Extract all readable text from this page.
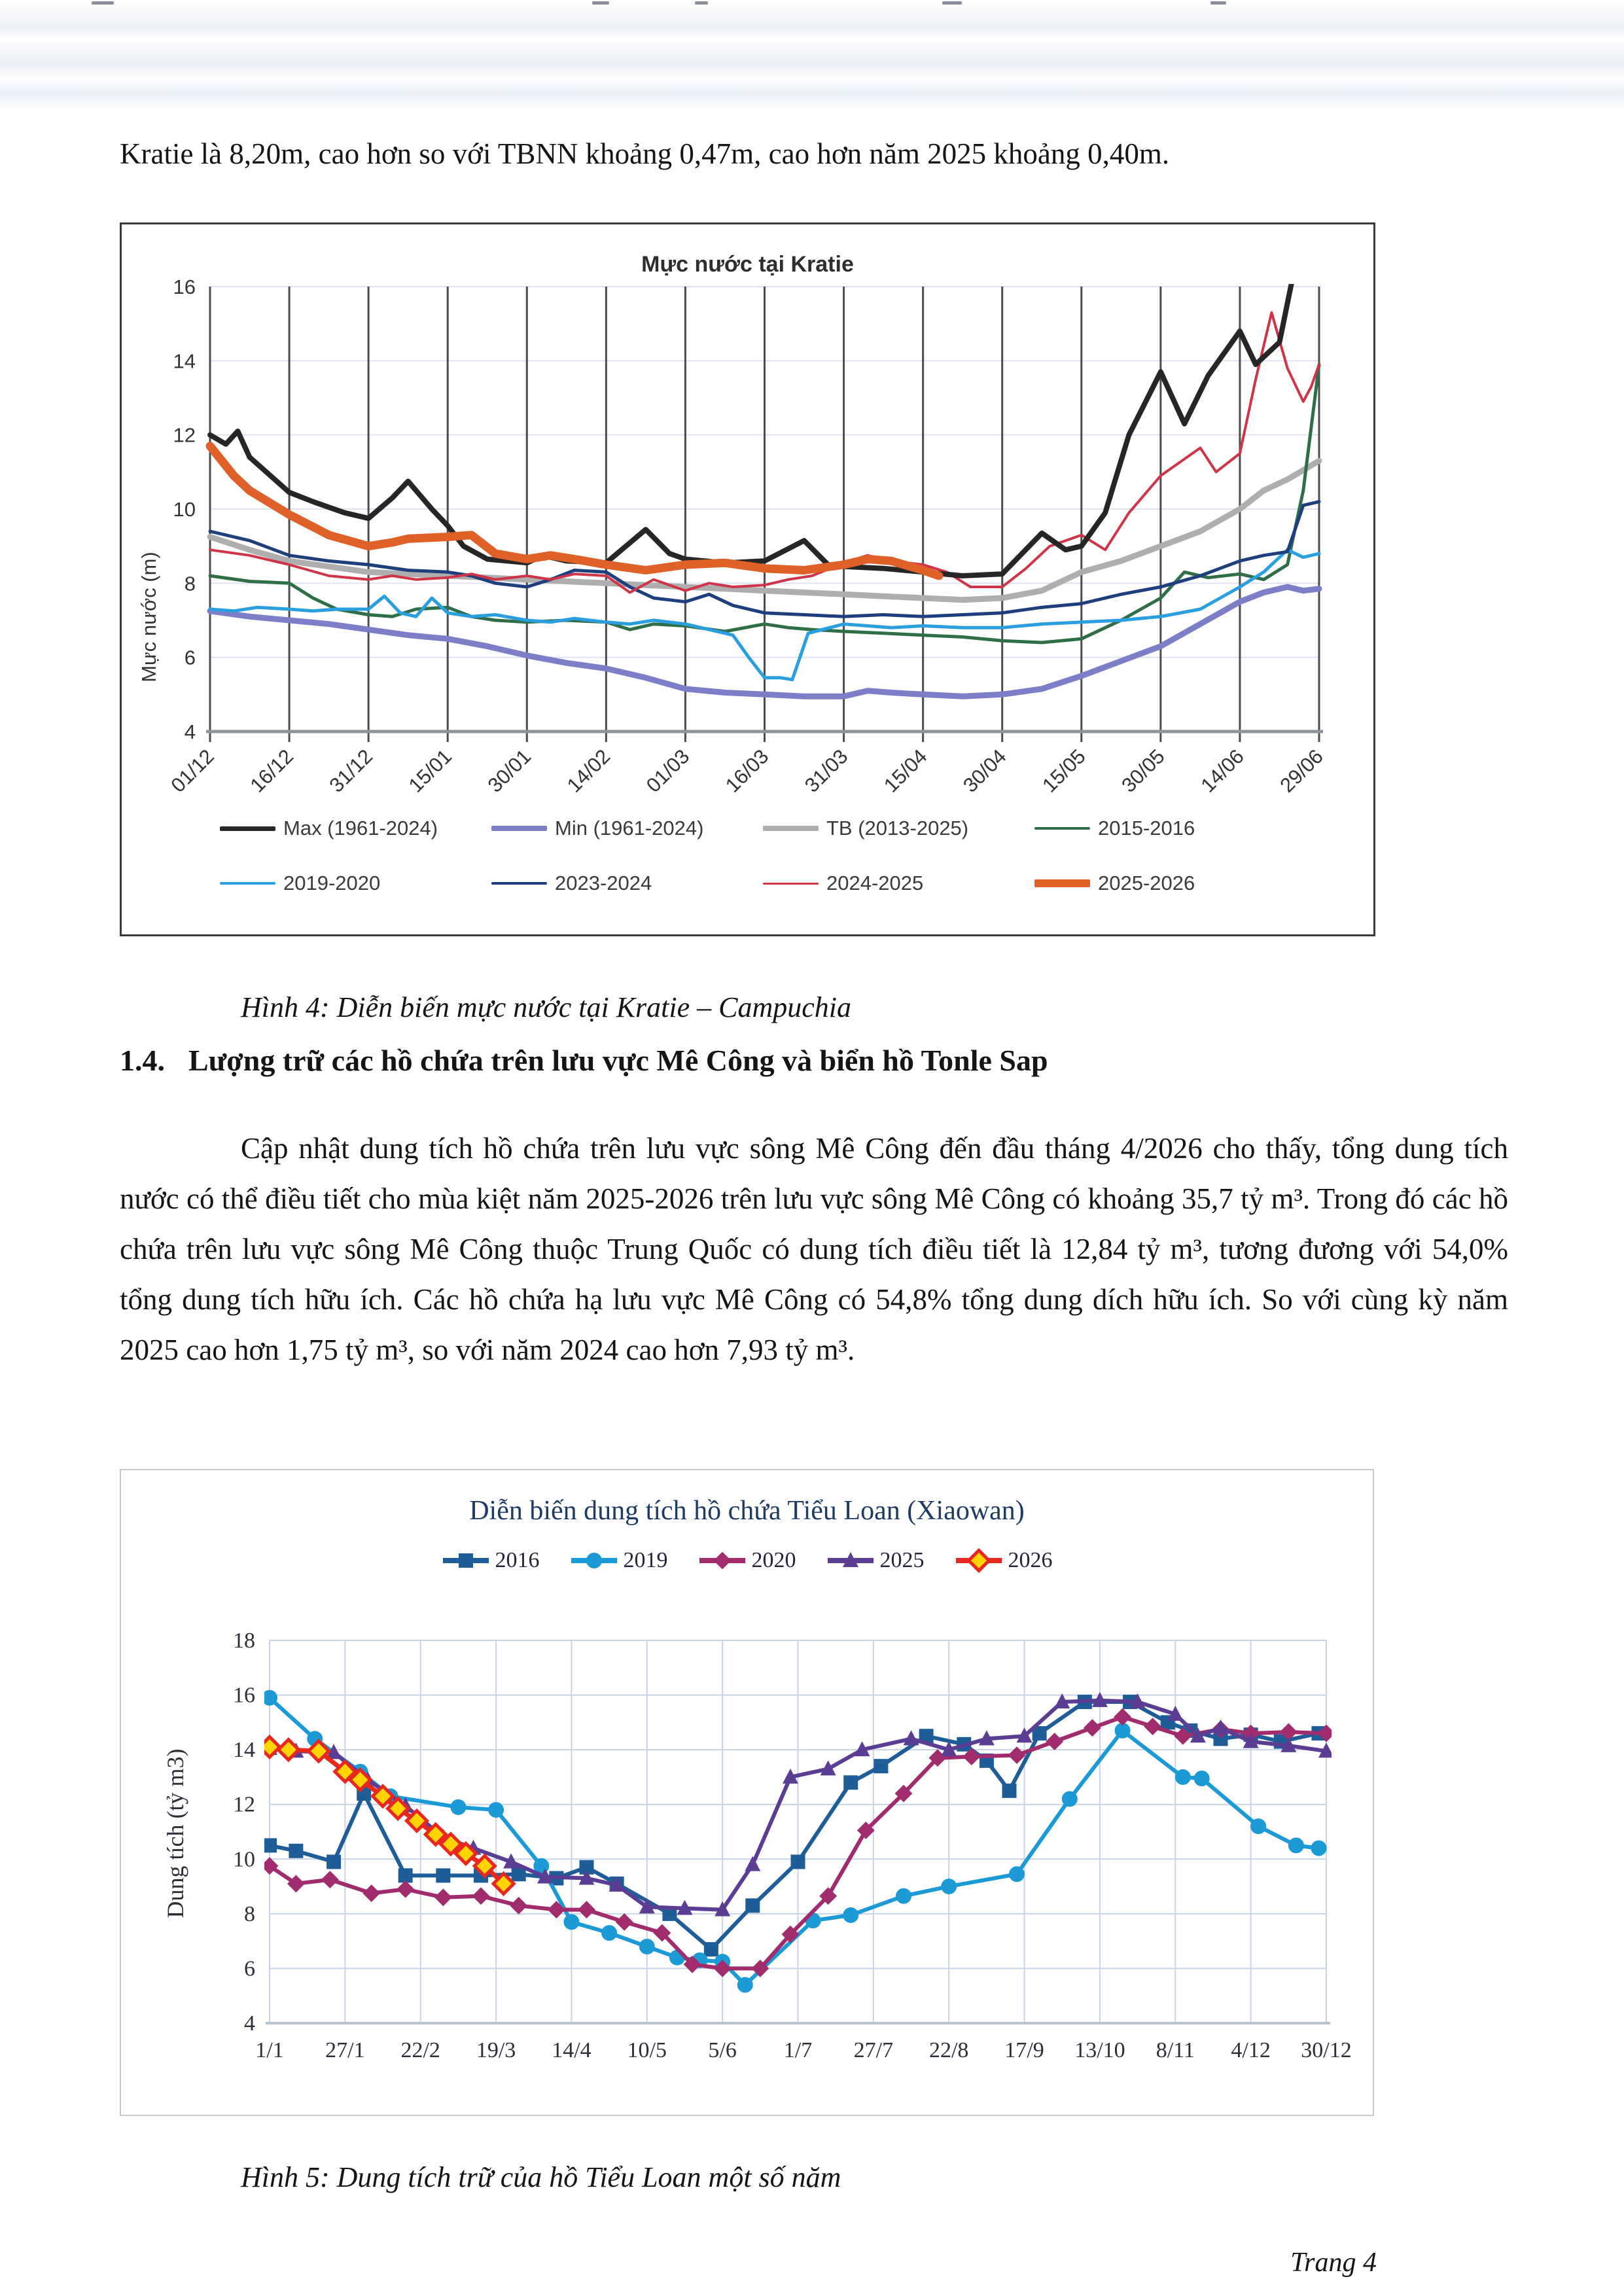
Kratie là 8,20m, cao hơn so với TBNN khoảng 0,47m, cao hơn năm 2025 khoảng 0,40m.

Mực nước tại Kratie
4
6
8
10
12
14
16
01/12 16/12 31/12 15/01 30/01 14/02 01/03 16/03 31/03 15/04 30/04 15/05 30/05 14/06 29/06
Mực nước (m)
Max (1961-2024)	Min (1961-2024)	TB (2013-2025)	2015-2016
2019-2020	2023-2024	2024-2025	2025-2026

Hình 4: Diễn biến mực nước tại Kratie – Campuchia

1.4. Lượng trữ các hồ chứa trên lưu vực Mê Công và biển hồ Tonle Sap

Cập nhật dung tích hồ chứa trên lưu vực sông Mê Công đến đầu tháng 4/2026 cho thấy, tổng dung tích nước có thể điều tiết cho mùa kiệt năm 2025-2026 trên lưu vực sông Mê Công có khoảng 35,7 tỷ m³. Trong đó các hồ chứa trên lưu vực sông Mê Công thuộc Trung Quốc có dung tích điều tiết là 12,84 tỷ m³, tương đương với 54,0% tổng dung tích hữu ích. Các hồ chứa hạ lưu vực Mê Công có 54,8% tổng dung dích hữu ích. So với cùng kỳ năm 2025 cao hơn 1,75 tỷ m³, so với năm 2024 cao hơn 7,93 tỷ m³.

Diễn biến dung tích hồ chứa Tiểu Loan (Xiaowan)
2016	2019	2020	2025	2026
4
6
8
10
12
14
16
18
1/1 27/1 22/2 19/3 14/4 10/5 5/6 1/7 27/7 22/8 17/9 13/10 8/11 4/12 30/12
Dung tích (tỷ m3)

Hình 5: Dung tích trữ của hồ Tiểu Loan một số năm

Trang 4
